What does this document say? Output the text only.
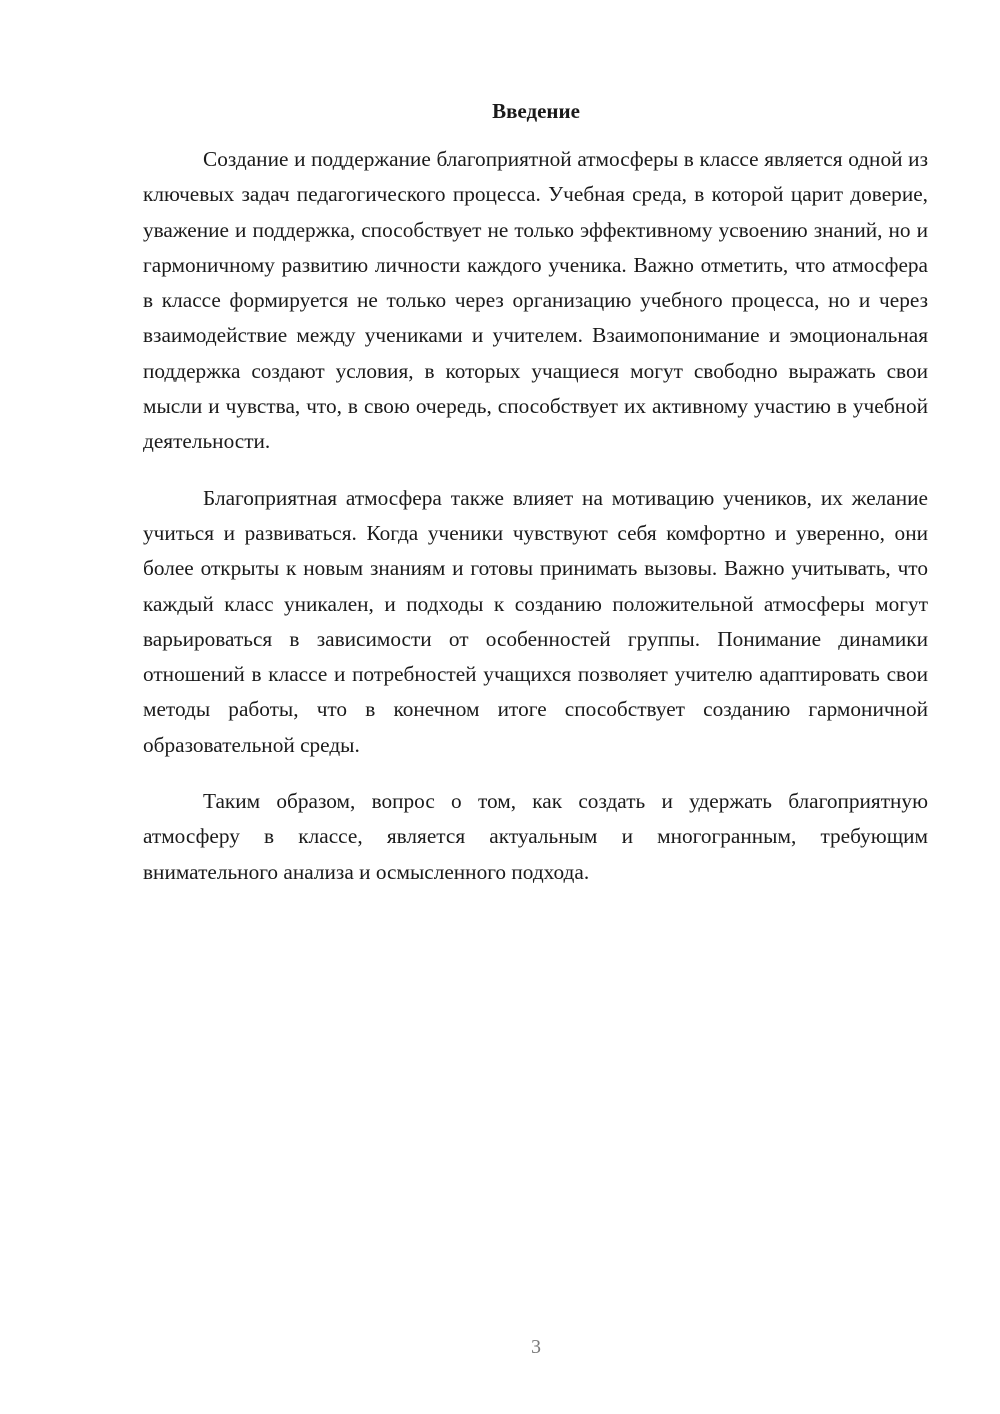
Введение

Создание и поддержание благоприятной атмосферы в классе является одной из ключевых задач педагогического процесса. Учебная среда, в которой царит доверие, уважение и поддержка, способствует не только эффективному усвоению знаний, но и гармоничному развитию личности каждого ученика. Важно отметить, что атмосфера в классе формируется не только через организацию учебного процесса, но и через взаимодействие между учениками и учителем. Взаимопонимание и эмоциональная поддержка создают условия, в которых учащиеся могут свободно выражать свои мысли и чувства, что, в свою очередь, способствует их активному участию в учебной деятельности.

Благоприятная атмосфера также влияет на мотивацию учеников, их желание учиться и развиваться. Когда ученики чувствуют себя комфортно и уверенно, они более открыты к новым знаниям и готовы принимать вызовы. Важно учитывать, что каждый класс уникален, и подходы к созданию положительной атмосферы могут варьироваться в зависимости от особенностей группы. Понимание динамики отношений в классе и потребностей учащихся позволяет учителю адаптировать свои методы работы, что в конечном итоге способствует созданию гармоничной образовательной среды.

Таким образом, вопрос о том, как создать и удержать благоприятную атмосферу в классе, является актуальным и многогранным, требующим внимательного анализа и осмысленного подхода.

3
